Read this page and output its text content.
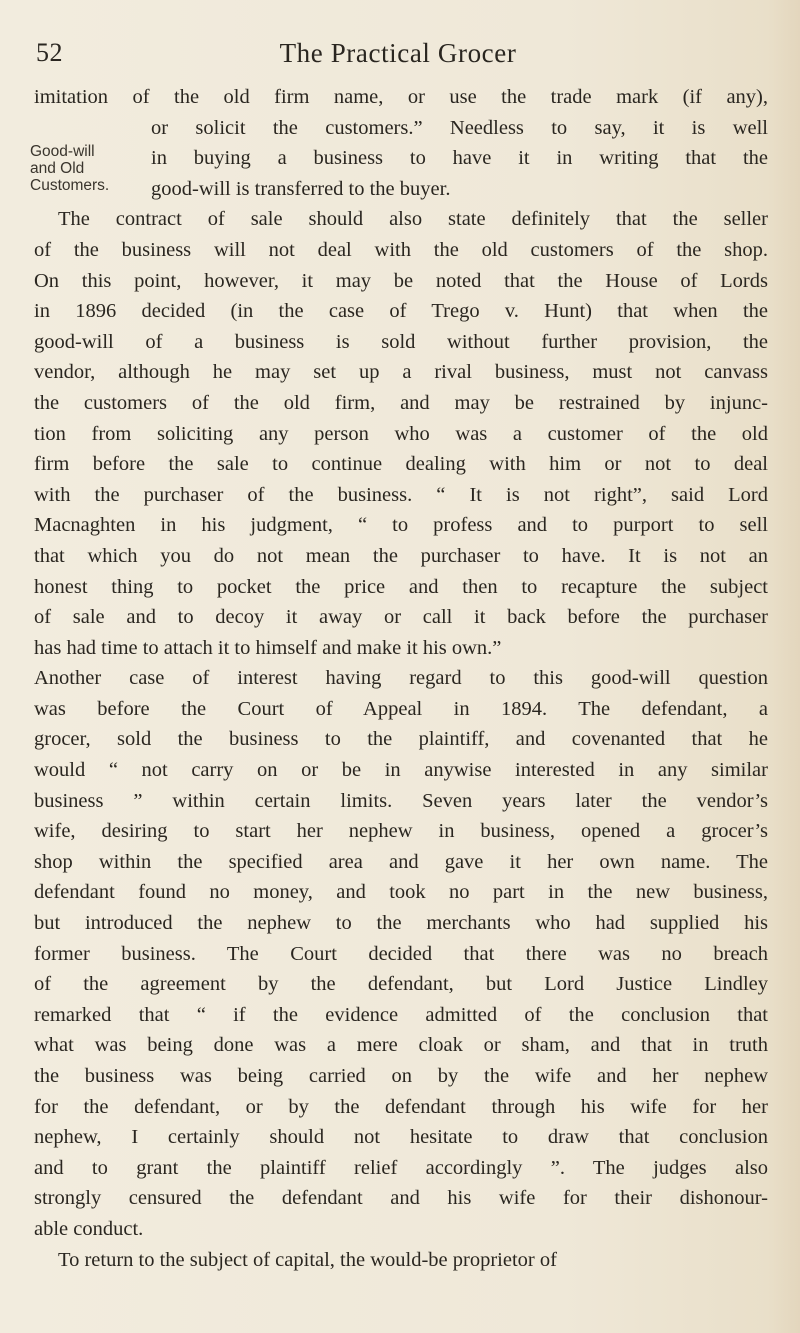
52	The Practical Grocer
Good-will
and Old
Customers.
imitation of the old firm name, or use the trade mark (if any),
or solicit the customers.” Needless to say, it is well
in buying a business to have it in writing that the
good-will is transferred to the buyer.
The contract of sale should also state definitely that the seller
of the business will not deal with the old customers of the shop.
On this point, however, it may be noted that the House of Lords
in 1896 decided (in the case of Trego v. Hunt) that when the
good-will of a business is sold without further provision, the
vendor, although he may set up a rival business, must not canvass
the customers of the old firm, and may be restrained by injunc-
tion from soliciting any person who was a customer of the old
firm before the sale to continue dealing with him or not to deal
with the purchaser of the business. “ It is not right”, said Lord
Macnaghten in his judgment, “ to profess and to purport to sell
that which you do not mean the purchaser to have. It is not an
honest thing to pocket the price and then to recapture the subject
of sale and to decoy it away or call it back before the purchaser
has had time to attach it to himself and make it his own.”
Another case of interest having regard to this good-will question
was before the Court of Appeal in 1894. The defendant, a
grocer, sold the business to the plaintiff, and covenanted that he
would “ not carry on or be in anywise interested in any similar
business ” within certain limits. Seven years later the vendor’s
wife, desiring to start her nephew in business, opened a grocer’s
shop within the specified area and gave it her own name. The
defendant found no money, and took no part in the new business,
but introduced the nephew to the merchants who had supplied his
former business. The Court decided that there was no breach
of the agreement by the defendant, but Lord Justice Lindley
remarked that “ if the evidence admitted of the conclusion that
what was being done was a mere cloak or sham, and that in truth
the business was being carried on by the wife and her nephew
for the defendant, or by the defendant through his wife for her
nephew, I certainly should not hesitate to draw that conclusion
and to grant the plaintiff relief accordingly ”. The judges also
strongly censured the defendant and his wife for their dishonour-
able conduct.
To return to the subject of capital, the would-be proprietor of
